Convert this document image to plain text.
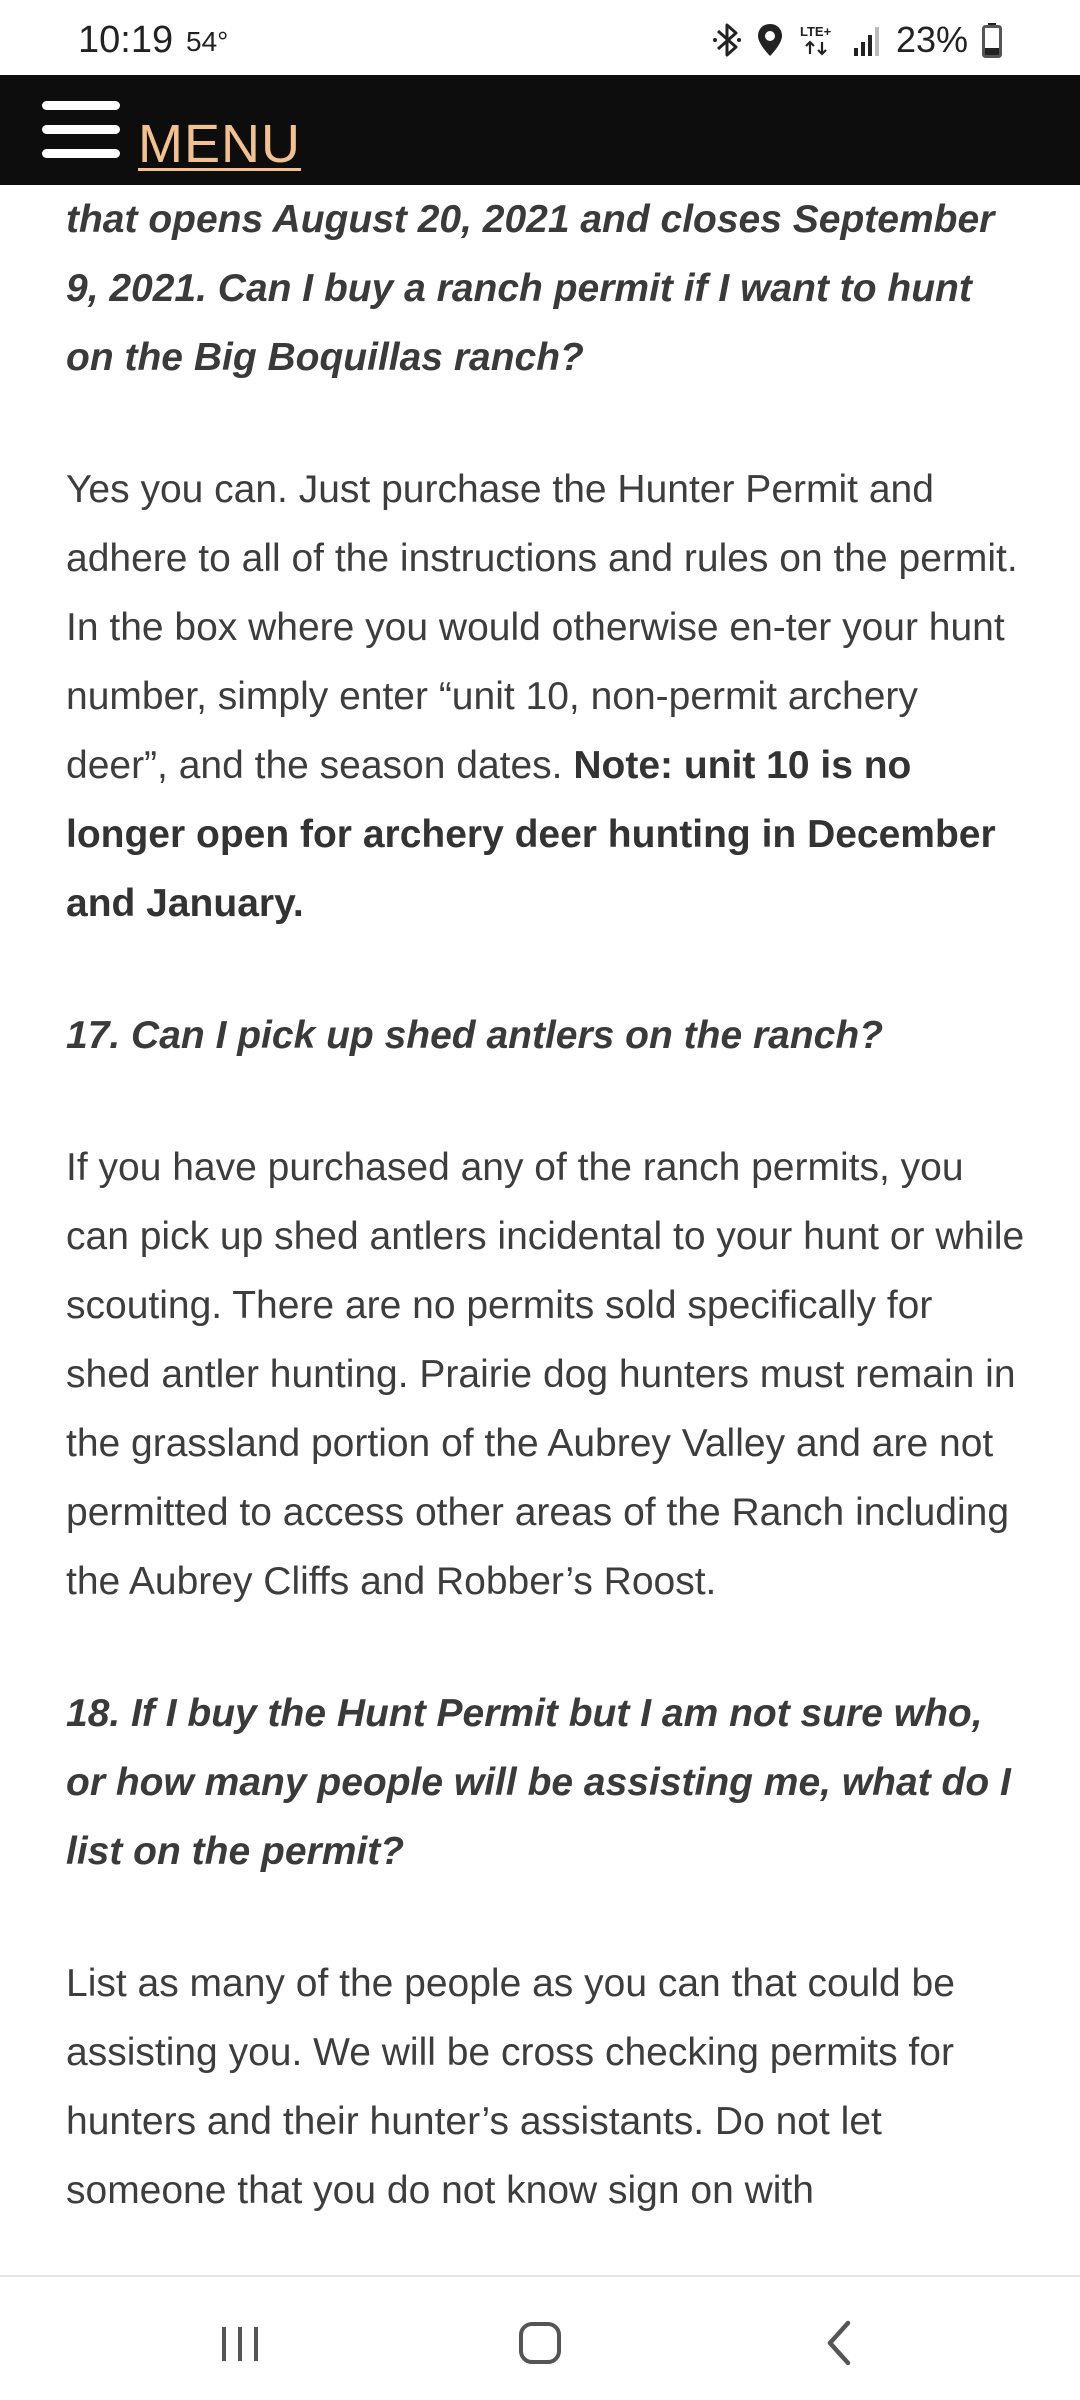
10:19 54°	LTE+ 23%
MENU

that opens August 20, 2021 and closes September 9, 2021. Can I buy a ranch permit if I want to hunt on the Big Boquillas ranch?

Yes you can. Just purchase the Hunter Permit and adhere to all of the instructions and rules on the permit. In the box where you would otherwise en-ter your hunt number, simply enter “unit 10, non-permit archery deer”, and the season dates. Note: unit 10 is no longer open for archery deer hunting in December and January.

17. Can I pick up shed antlers on the ranch?

If you have purchased any of the ranch permits, you can pick up shed antlers incidental to your hunt or while scouting. There are no permits sold specifically for shed antler hunting. Prairie dog hunters must remain in the grassland portion of the Aubrey Valley and are not permitted to access other areas of the Ranch including the Aubrey Cliffs and Robber’s Roost.

18. If I buy the Hunt Permit but I am not sure who, or how many people will be assisting me, what do I list on the permit?

List as many of the people as you can that could be assisting you. We will be cross checking permits for hunters and their hunter’s assistants. Do not let someone that you do not know sign on with
